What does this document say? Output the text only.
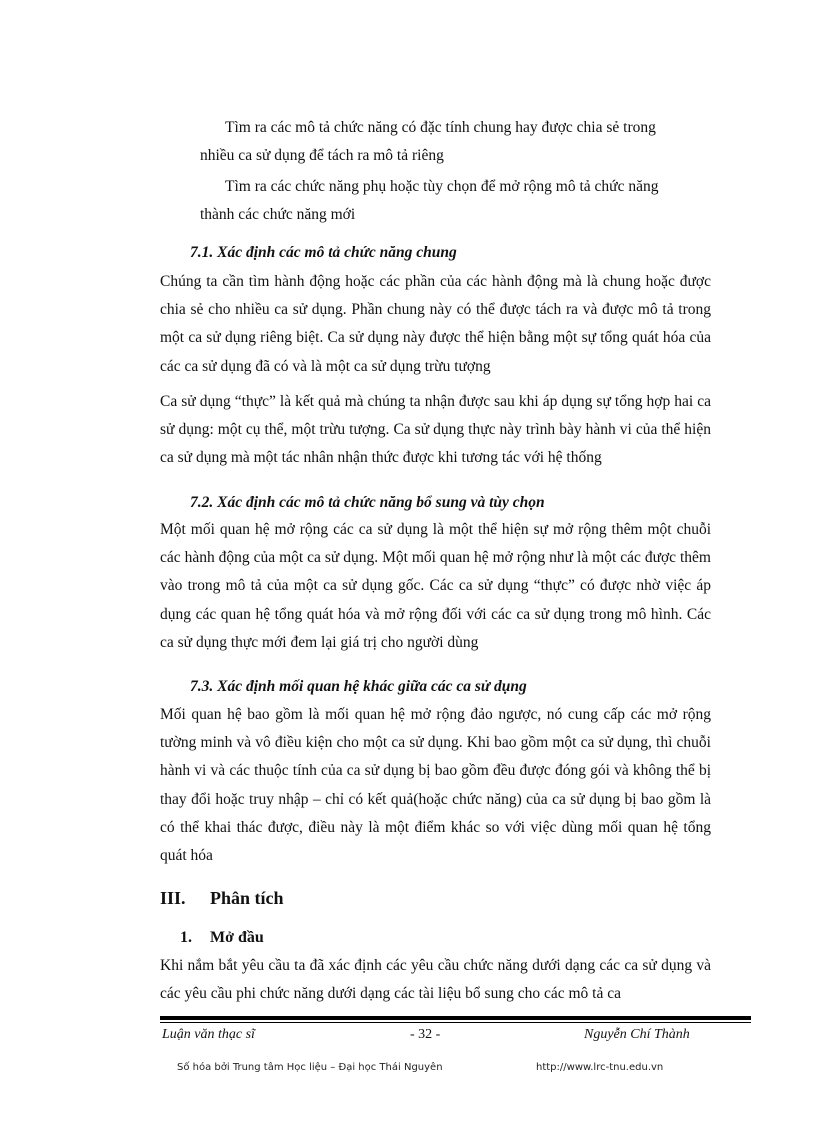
Tìm ra các mô tả chức năng có đặc tính chung hay được chia sẻ trong
nhiều ca sử dụng để tách ra mô tả riêng
Tìm ra các chức năng phụ hoặc tùy chọn để mở rộng mô tả chức năng
thành các chức năng mới
7.1. Xác định các mô tả chức năng chung
Chúng ta cần tìm hành động hoặc các phần của các hành động mà là chung hoặc được chia sẻ cho nhiều ca sử dụng. Phần chung này có thể được tách ra và được mô tả trong một ca sử dụng riêng biệt. Ca sử dụng này được thể hiện bằng một sự tổng quát hóa của các ca sử dụng đã có và là một ca sử dụng trừu tượng
Ca sử dụng “thực” là kết quả mà chúng ta nhận được sau khi áp dụng sự tổng hợp hai ca sử dụng: một cụ thể, một trừu tượng. Ca sử dụng thực này trình bày hành vi của thể hiện ca sử dụng mà một tác nhân nhận thức được khi tương tác với hệ thống
7.2. Xác định các mô tả chức năng bổ sung và tùy chọn
Một mối quan hệ mở rộng các ca sử dụng là một thể hiện sự mở rộng thêm một chuỗi các hành động của một ca sử dụng. Một mối quan hệ mở rộng như là một các được thêm vào trong mô tả của một ca sử dụng gốc. Các ca sử dụng “thực” có được nhờ việc áp dụng các quan hệ tổng quát hóa và mở rộng đối với các ca sử dụng trong mô hình. Các ca sử dụng thực mới đem lại giá trị cho người dùng
7.3. Xác định mối quan hệ khác giữa các ca sử dụng
Mối quan hệ bao gồm là mối quan hệ mở rộng đảo ngược, nó cung cấp các mở rộng tường minh và vô điều kiện cho một ca sử dụng. Khi bao gồm một ca sử dụng, thì chuỗi hành vi và các thuộc tính của ca sử dụng bị bao gồm đều được đóng gói và không thể bị thay đổi hoặc truy nhập – chỉ có kết quả(hoặc chức năng) của ca sử dụng bị bao gồm là có thể khai thác được, điều này là một điểm khác so với việc dùng mối quan hệ tổng quát hóa
III. Phân tích
1. Mở đầu
Khi nắm bắt yêu cầu ta đã xác định các yêu cầu chức năng dưới dạng các ca sử dụng và các yêu cầu phi chức năng dưới dạng các tài liệu bổ sung cho các mô tả ca
Luận văn thạc sĩ	- 32 -	Nguyễn Chí Thành
Số hóa bởi Trung tâm Học liệu – Đại học Thái Nguyên	http://www.lrc-tnu.edu.vn
